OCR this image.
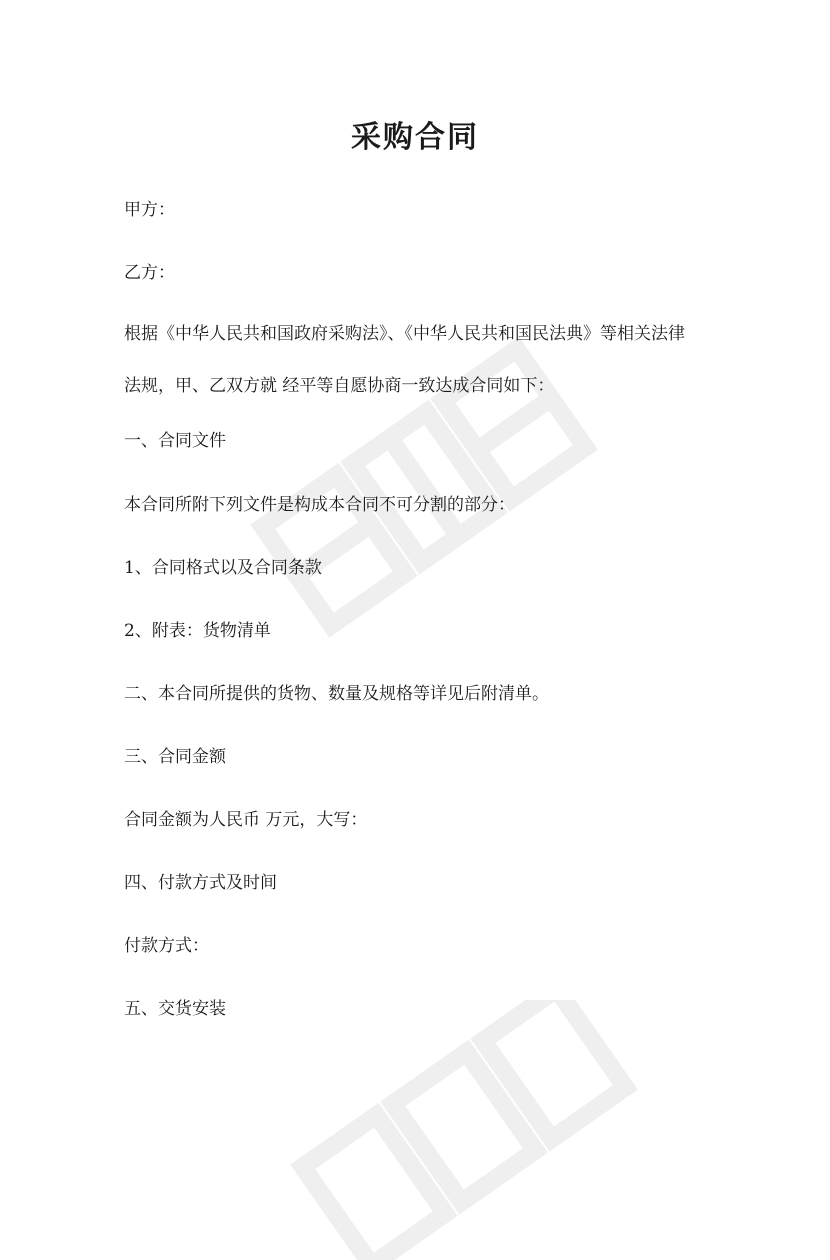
采购合同

甲方：

乙方：

根据《中华人民共和国政府采购法》、《中华人民共和国民法典》等相关法律

法规，甲、乙双方就 经平等自愿协商一致达成合同如下：

一、合同文件

本合同所附下列文件是构成本合同不可分割的部分：

1、合同格式以及合同条款

2、附表：货物清单

二、本合同所提供的货物、数量及规格等详见后附清单。

三、合同金额

合同金额为人民币 万元，大写：

四、付款方式及时间

付款方式：

五、交货安装
